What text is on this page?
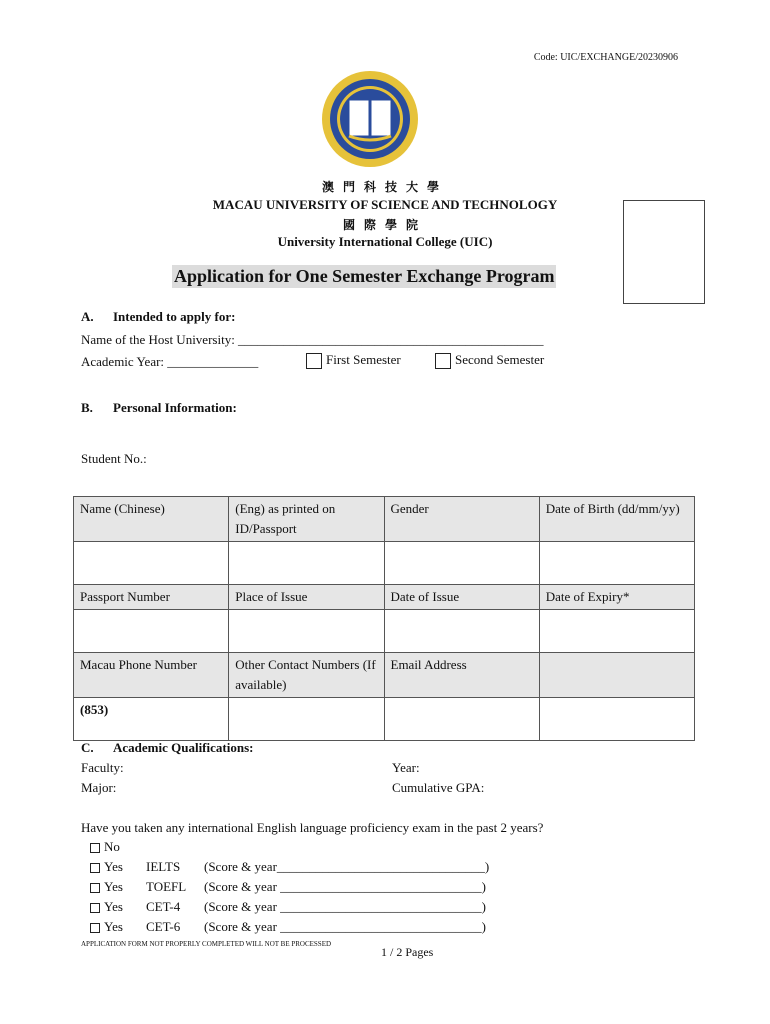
Code: UIC/EXCHANGE/20230906
澳門科技大學
MACAU UNIVERSITY OF SCIENCE AND TECHNOLOGY
國際學院
University International College (UIC)
Application for One Semester Exchange Program
A. Intended to apply for:
Name of the Host University: _______________________________________________
Academic Year: ______________	First Semester	Second Semester
B. Personal Information:
Student No.:
Name (Chinese)	(Eng) as printed on ID/Passport	Gender	Date of Birth (dd/mm/yy)

Passport Number	Place of Issue	Date of Issue	Date of Expiry*

Macau Phone Number	Other Contact Numbers (If available)	Email Address	
(853)			
C. Academic Qualifications:
Faculty:	Year:
Major:	Cumulative GPA:
Have you taken any international English language proficiency exam in the past 2 years?
No
Yes IELTS (Score & year________________________________)
Yes TOEFL (Score & year _______________________________)
Yes CET-4 (Score & year _______________________________)
Yes CET-6 (Score & year _______________________________)
APPLICATION FORM NOT PROPERLY COMPLETED WILL NOT BE PROCESSED
1 / 2 Pages
